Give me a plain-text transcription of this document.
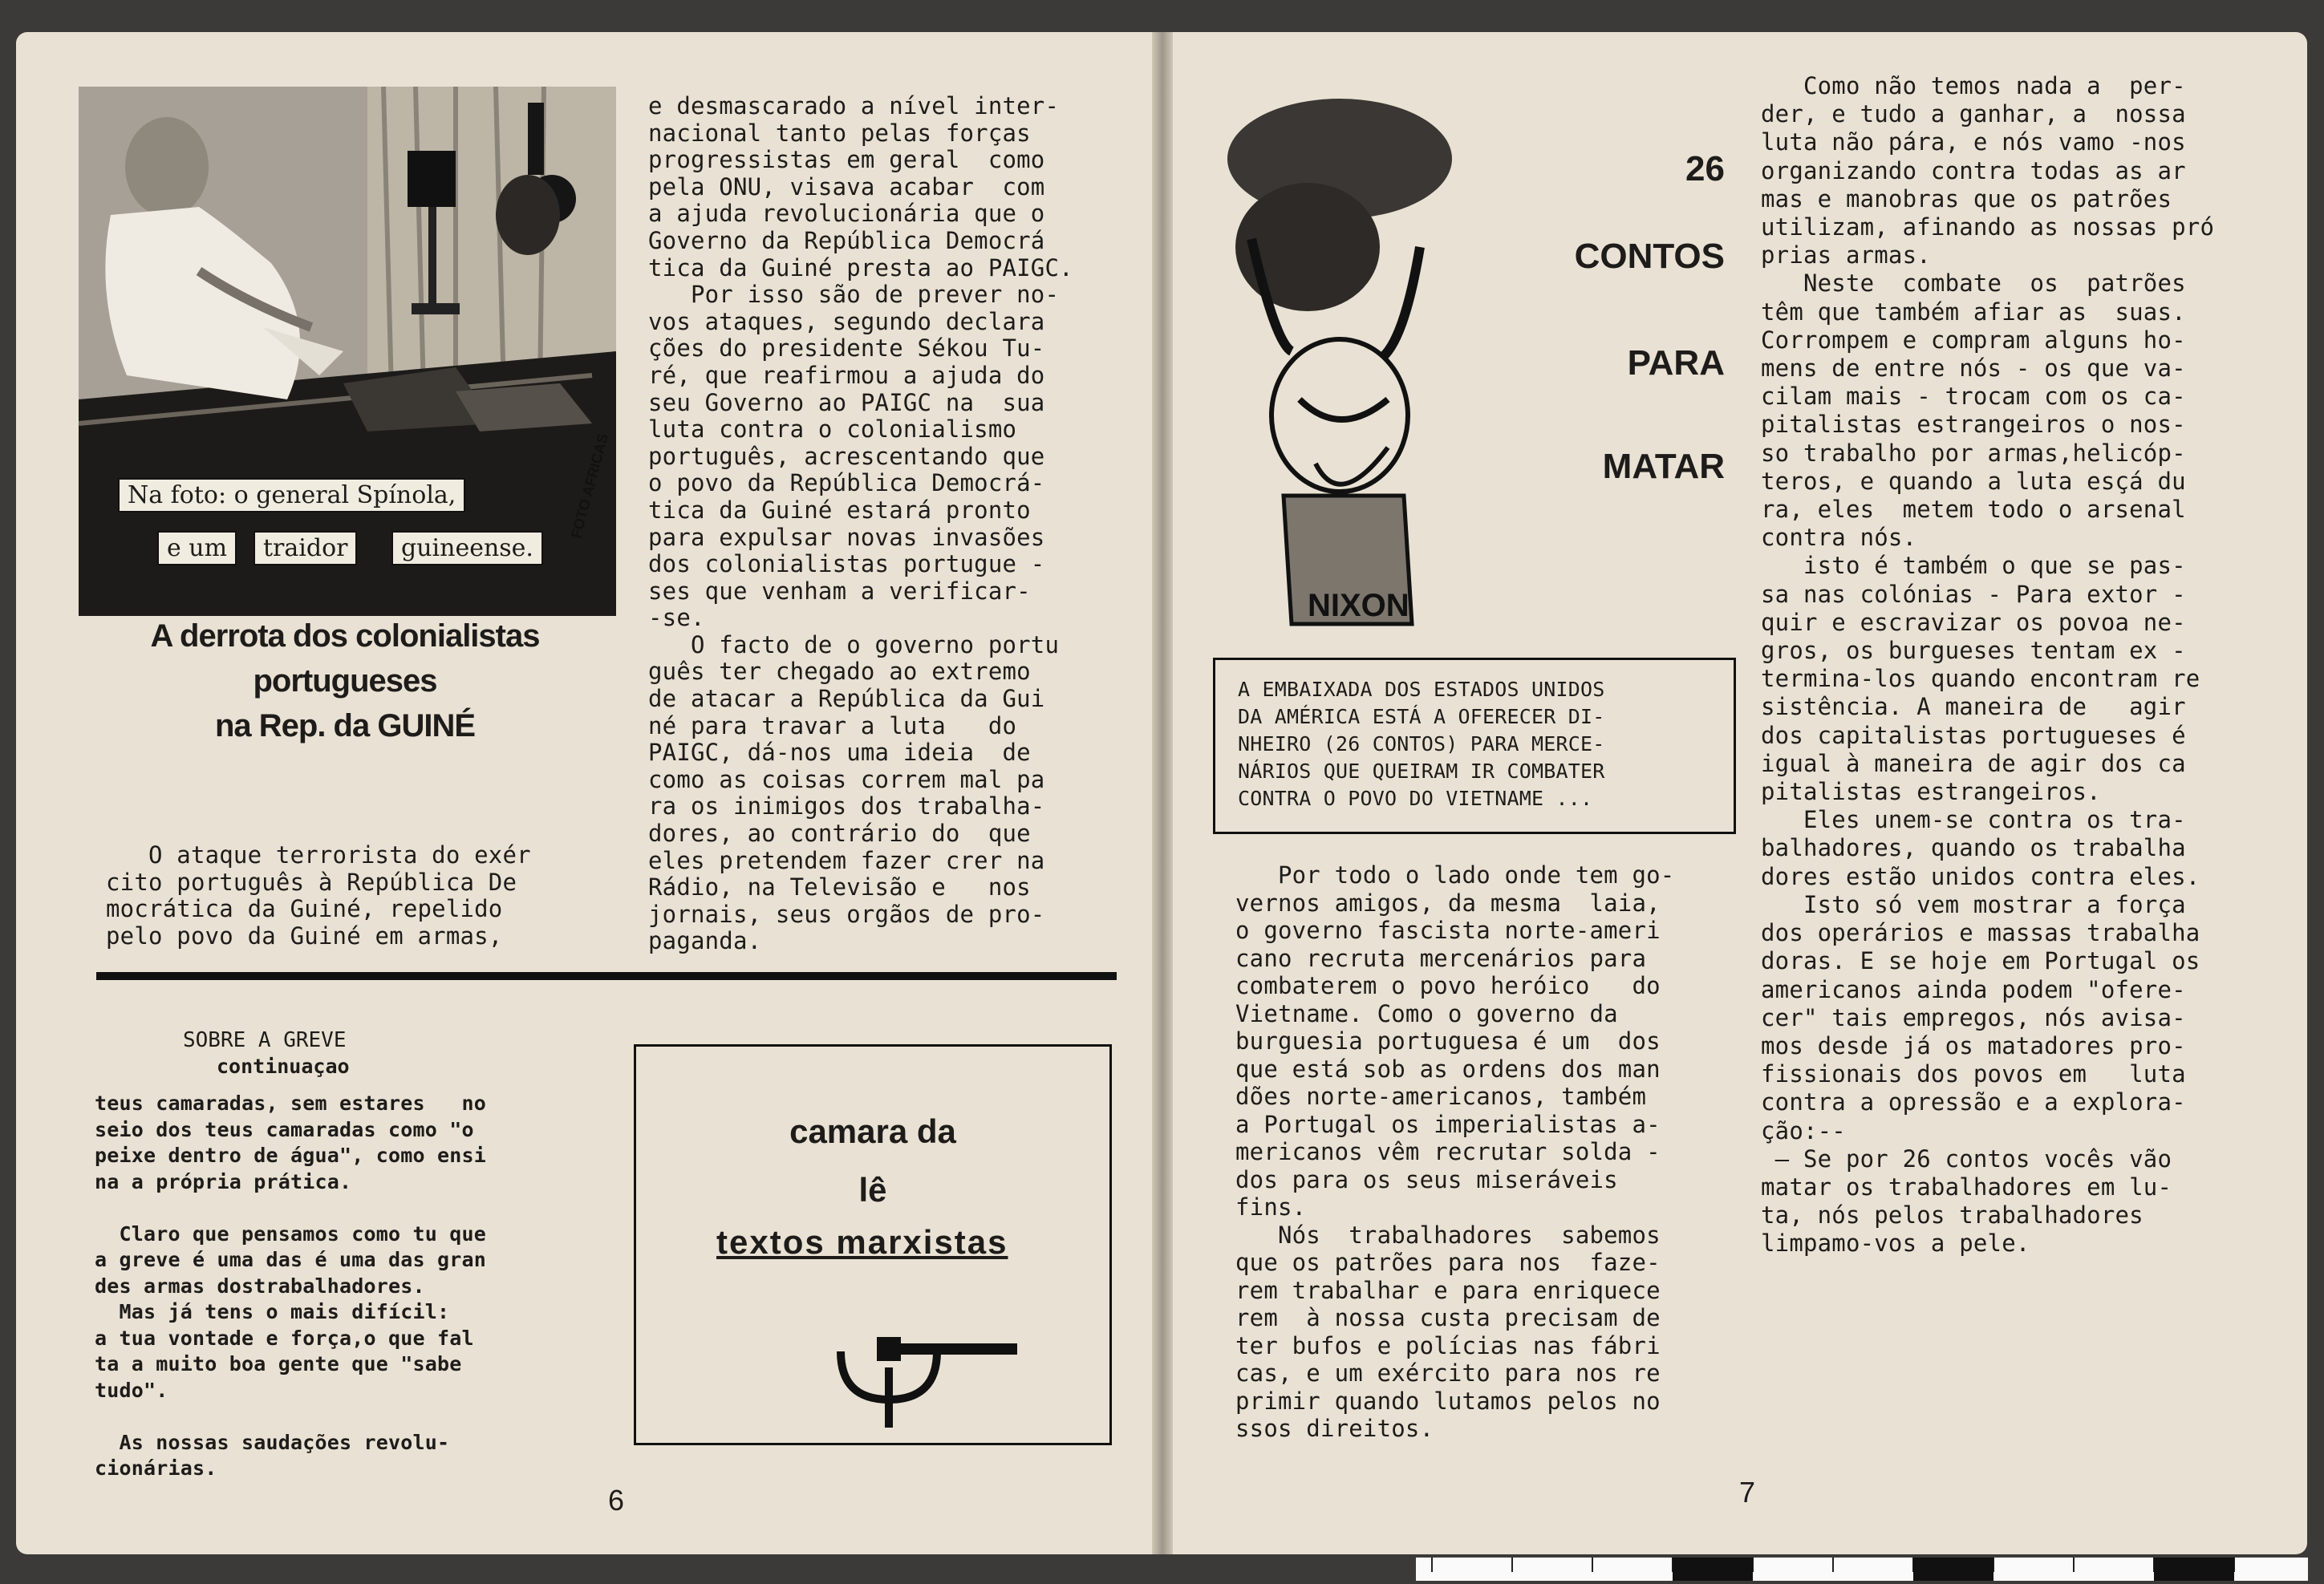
Na foto: o general Spínola,
e um	traidor	guineense.
FOTO AFRICAS
A derrota dos colonialistas
portugueses
na Rep. da GUINÉ
O ataque terrorista do exér
cito português à República De
mocrática da Guiné, repelido
pelo povo da Guiné em armas,
e desmascarado a nível inter-
nacional tanto pelas forças
progressistas em geral  como
pela ONU, visava acabar  com
a ajuda revolucionária que o
Governo da República Democrá
tica da Guiné presta ao PAIGC.
Por isso são de prever no-
vos ataques, segundo declara
ções do presidente Sékou Tu-
ré, que reafirmou a ajuda do
seu Governo ao PAIGC na  sua
luta contra o colonialismo
português, acrescentando que
o povo da República Democrá-
tica da Guiné estará pronto
para expulsar novas invasões
dos colonialistas portugue -
ses que venham a verificar-
-se.
O facto de o governo portu
guês ter chegado ao extremo
de atacar a República da Gui
né para travar a luta   do
PAIGC, dá-nos uma ideia  de
como as coisas correm mal pa
ra os inimigos dos trabalha-
dores, ao contrário do  que
eles pretendem fazer crer na
Rádio, na Televisão e   nos
jornais, seus orgãos de pro-
paganda.
SOBRE A GREVE
continuaçao
teus camaradas, sem estares   no
seio dos teus camaradas como "o
peixe dentro de água", como ensi
na a própria prática.

Claro que pensamos como tu que
a greve é uma das é uma das gran
des armas dostrabalhadores.
Mas já tens o mais difícil:
a tua vontade e força,o que fal
ta a muito boa gente que "sabe
tudo".

As nossas saudações revolu-
cionárias.
camara da
lê
textos marxistas
6
NIXON
26
CONTOS
PARA
MATAR
A EMBAIXADA DOS ESTADOS UNIDOS
DA AMÉRICA ESTÁ A OFERECER DI-
NHEIRO (26 CONTOS) PARA MERCE-
NÁRIOS QUE QUEIRAM IR COMBATER
CONTRA O POVO DO VIETNAME ...
Por todo o lado onde tem go-
vernos amigos, da mesma  laia,
o governo fascista norte-ameri
cano recruta mercenários para
combaterem o povo heróico   do
Vietname. Como o governo da
burguesia portuguesa é um  dos
que está sob as ordens dos man
dões norte-americanos, também
a Portugal os imperialistas a-
mericanos vêm recrutar solda -
dos para os seus miseráveis
fins.
Nós  trabalhadores  sabemos
que os patrões para nos  faze-
rem trabalhar e para enriquece
rem  à nossa custa precisam de
ter bufos e polícias nas fábri
cas, e um exército para nos re
primir quando lutamos pelos no
ssos direitos.
Como não temos nada a  per-
der, e tudo a ganhar, a  nossa
luta não pára, e nós vamo -nos
organizando contra todas as ar
mas e manobras que os patrões
utilizam, afinando as nossas pró
prias armas.
Neste  combate  os  patrões
têm que também afiar as  suas.
Corrompem e compram alguns ho-
mens de entre nós - os que va-
cilam mais - trocam com os ca-
pitalistas estrangeiros o nos-
so trabalho por armas,helicóp-
teros, e quando a luta esçá du
ra, eles  metem todo o arsenal
contra nós.
isto é também o que se pas-
sa nas colónias - Para extor -
quir e escravizar os povoa ne-
gros, os burgueses tentam ex -
termina-los quando encontram re
sistência. A maneira de   agir
dos capitalistas portugueses é
igual à maneira de agir dos ca
pitalistas estrangeiros.
Eles unem-se contra os tra-
balhadores, quando os trabalha
dores estão unidos contra eles.
Isto só vem mostrar a força
dos operários e massas trabalha
doras. E se hoje em Portugal os
americanos ainda podem "ofere-
cer" tais empregos, nós avisa-
mos desde já os matadores pro-
fissionais dos povos em   luta
contra a opressão e a explora-
ção:--
— Se por 26 contos vocês vão
matar os trabalhadores em lu-
ta, nós pelos trabalhadores
limpamo-vos a pele.
7
